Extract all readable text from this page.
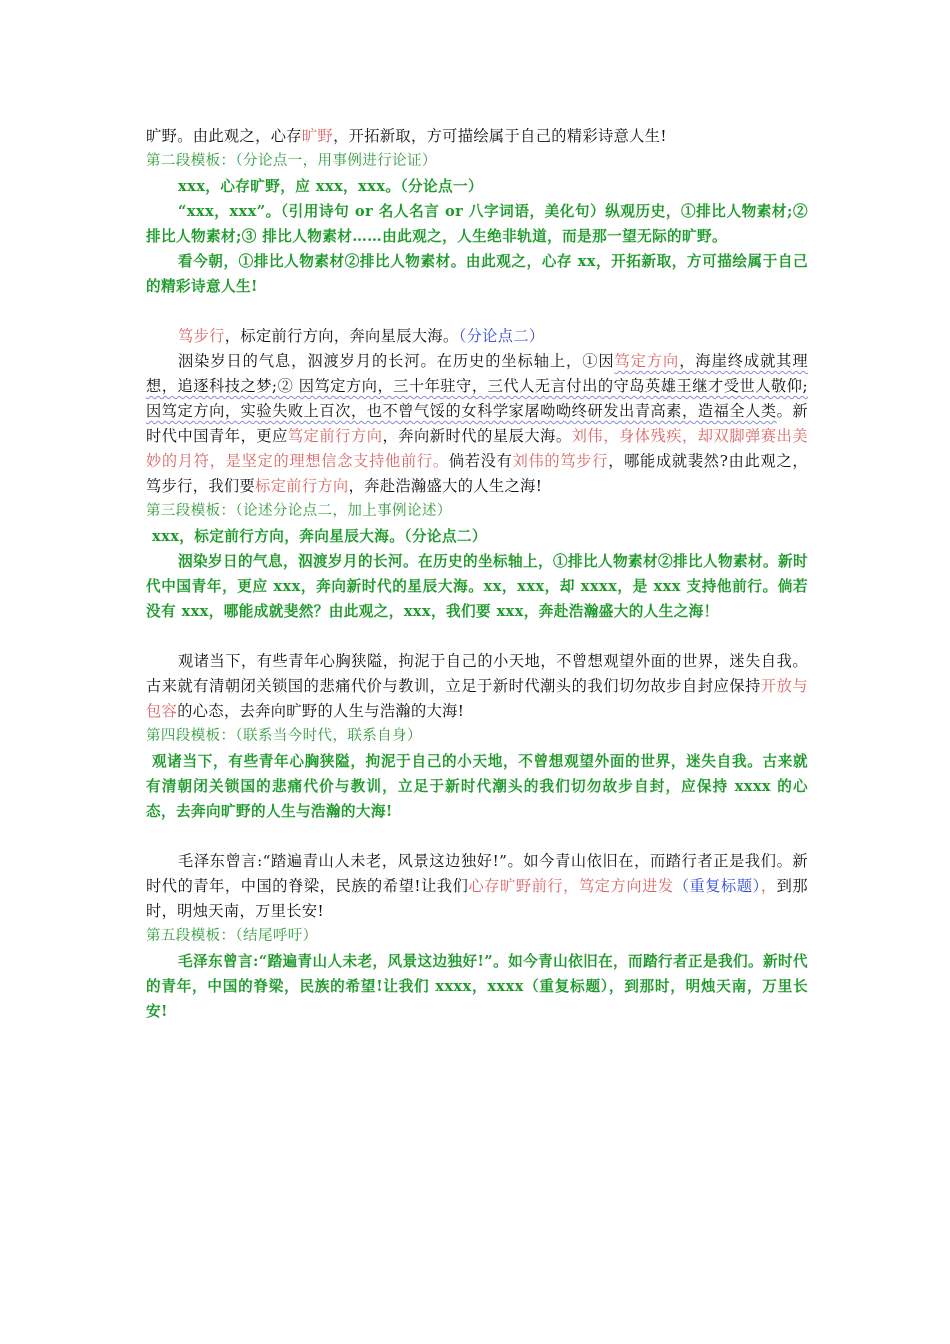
旷野。由此观之，心存旷野，开拓新取，方可描绘属于自己的精彩诗意人生!

第二段模板：（分论点一，用事例进行论证）

xxx，心存旷野，应 xxx，xxx。（分论点一）

“xxx，xxx”。（引用诗句 or 名人名言 or 八字词语，美化句）纵观历史，①排比人物素材;② 排比人物素材;③ 排比人物素材……由此观之，人生绝非轨道，而是那一望无际的旷野。

看今朝，①排比人物素材②排比人物素材。由此观之，心存 xx，开拓新取，方可描绘属于自己的精彩诗意人生!

笃步行，标定前行方向，奔向星辰大海。（分论点二）

洇染岁日的气息，泅渡岁月的长河。在历史的坐标轴上，①因笃定方向，海崖终成就其理想，追逐科技之梦;② 因笃定方向，三十年驻守，三代人无言付出的守岛英雄王继才受世人敬仰;因笃定方向，实验失败上百次，也不曾气馁的女科学家屠呦呦终研发出青高素，造福全人类。新时代中国青年，更应笃定前行方向，奔向新时代的星辰大海。刘伟，身体残疾，却双脚弹赛出美妙的月符，是坚定的理想信念支持他前行。倘若没有刘伟的笃步行，哪能成就裴然?由此观之，笃步行，我们要标定前行方向，奔赴浩瀚盛大的人生之海!

第三段模板：（论述分论点二，加上事例论述）

xxx，标定前行方向，奔向星辰大海。（分论点二）

洇染岁日的气息，泅渡岁月的长河。在历史的坐标轴上，①排比人物素材②排比人物素材。新时代中国青年，更应 xxx，奔向新时代的星辰大海。xx，xxx，却 xxxx，是 xxx 支持他前行。倘若没有 xxx，哪能成就斐然？由此观之，xxx，我们要 xxx，奔赴浩瀚盛大的人生之海！

观诸当下，有些青年心胸狭隘，拘泥于自己的小天地，不曾想观望外面的世界，迷失自我。古来就有清朝闭关锁国的悲痛代价与教训，立足于新时代潮头的我们切勿故步自封应保持开放与包容的心态，去奔向旷野的人生与浩瀚的大海!

第四段模板：（联系当今时代，联系自身）

观诸当下，有些青年心胸狭隘，拘泥于自己的小天地，不曾想观望外面的世界，迷失自我。古来就有清朝闭关锁国的悲痛代价与教训，立足于新时代潮头的我们切勿故步自封，应保持 xxxx 的心态，去奔向旷野的人生与浩瀚的大海!

毛泽东曾言:“踏遍青山人未老，风景这边独好!”。如今青山依旧在，而踏行者正是我们。新时代的青年，中国的脊梁，民族的希望!让我们心存旷野前行，笃定方向进发（重复标题），到那时，明烛天南，万里长安!

第五段模板：（结尾呼吁）

毛泽东曾言:“踏遍青山人未老，风景这边独好!”。如今青山依旧在，而踏行者正是我们。新时代的青年，中国的脊梁，民族的希望!让我们 xxxx，xxxx（重复标题），到那时，明烛天南，万里长安!
